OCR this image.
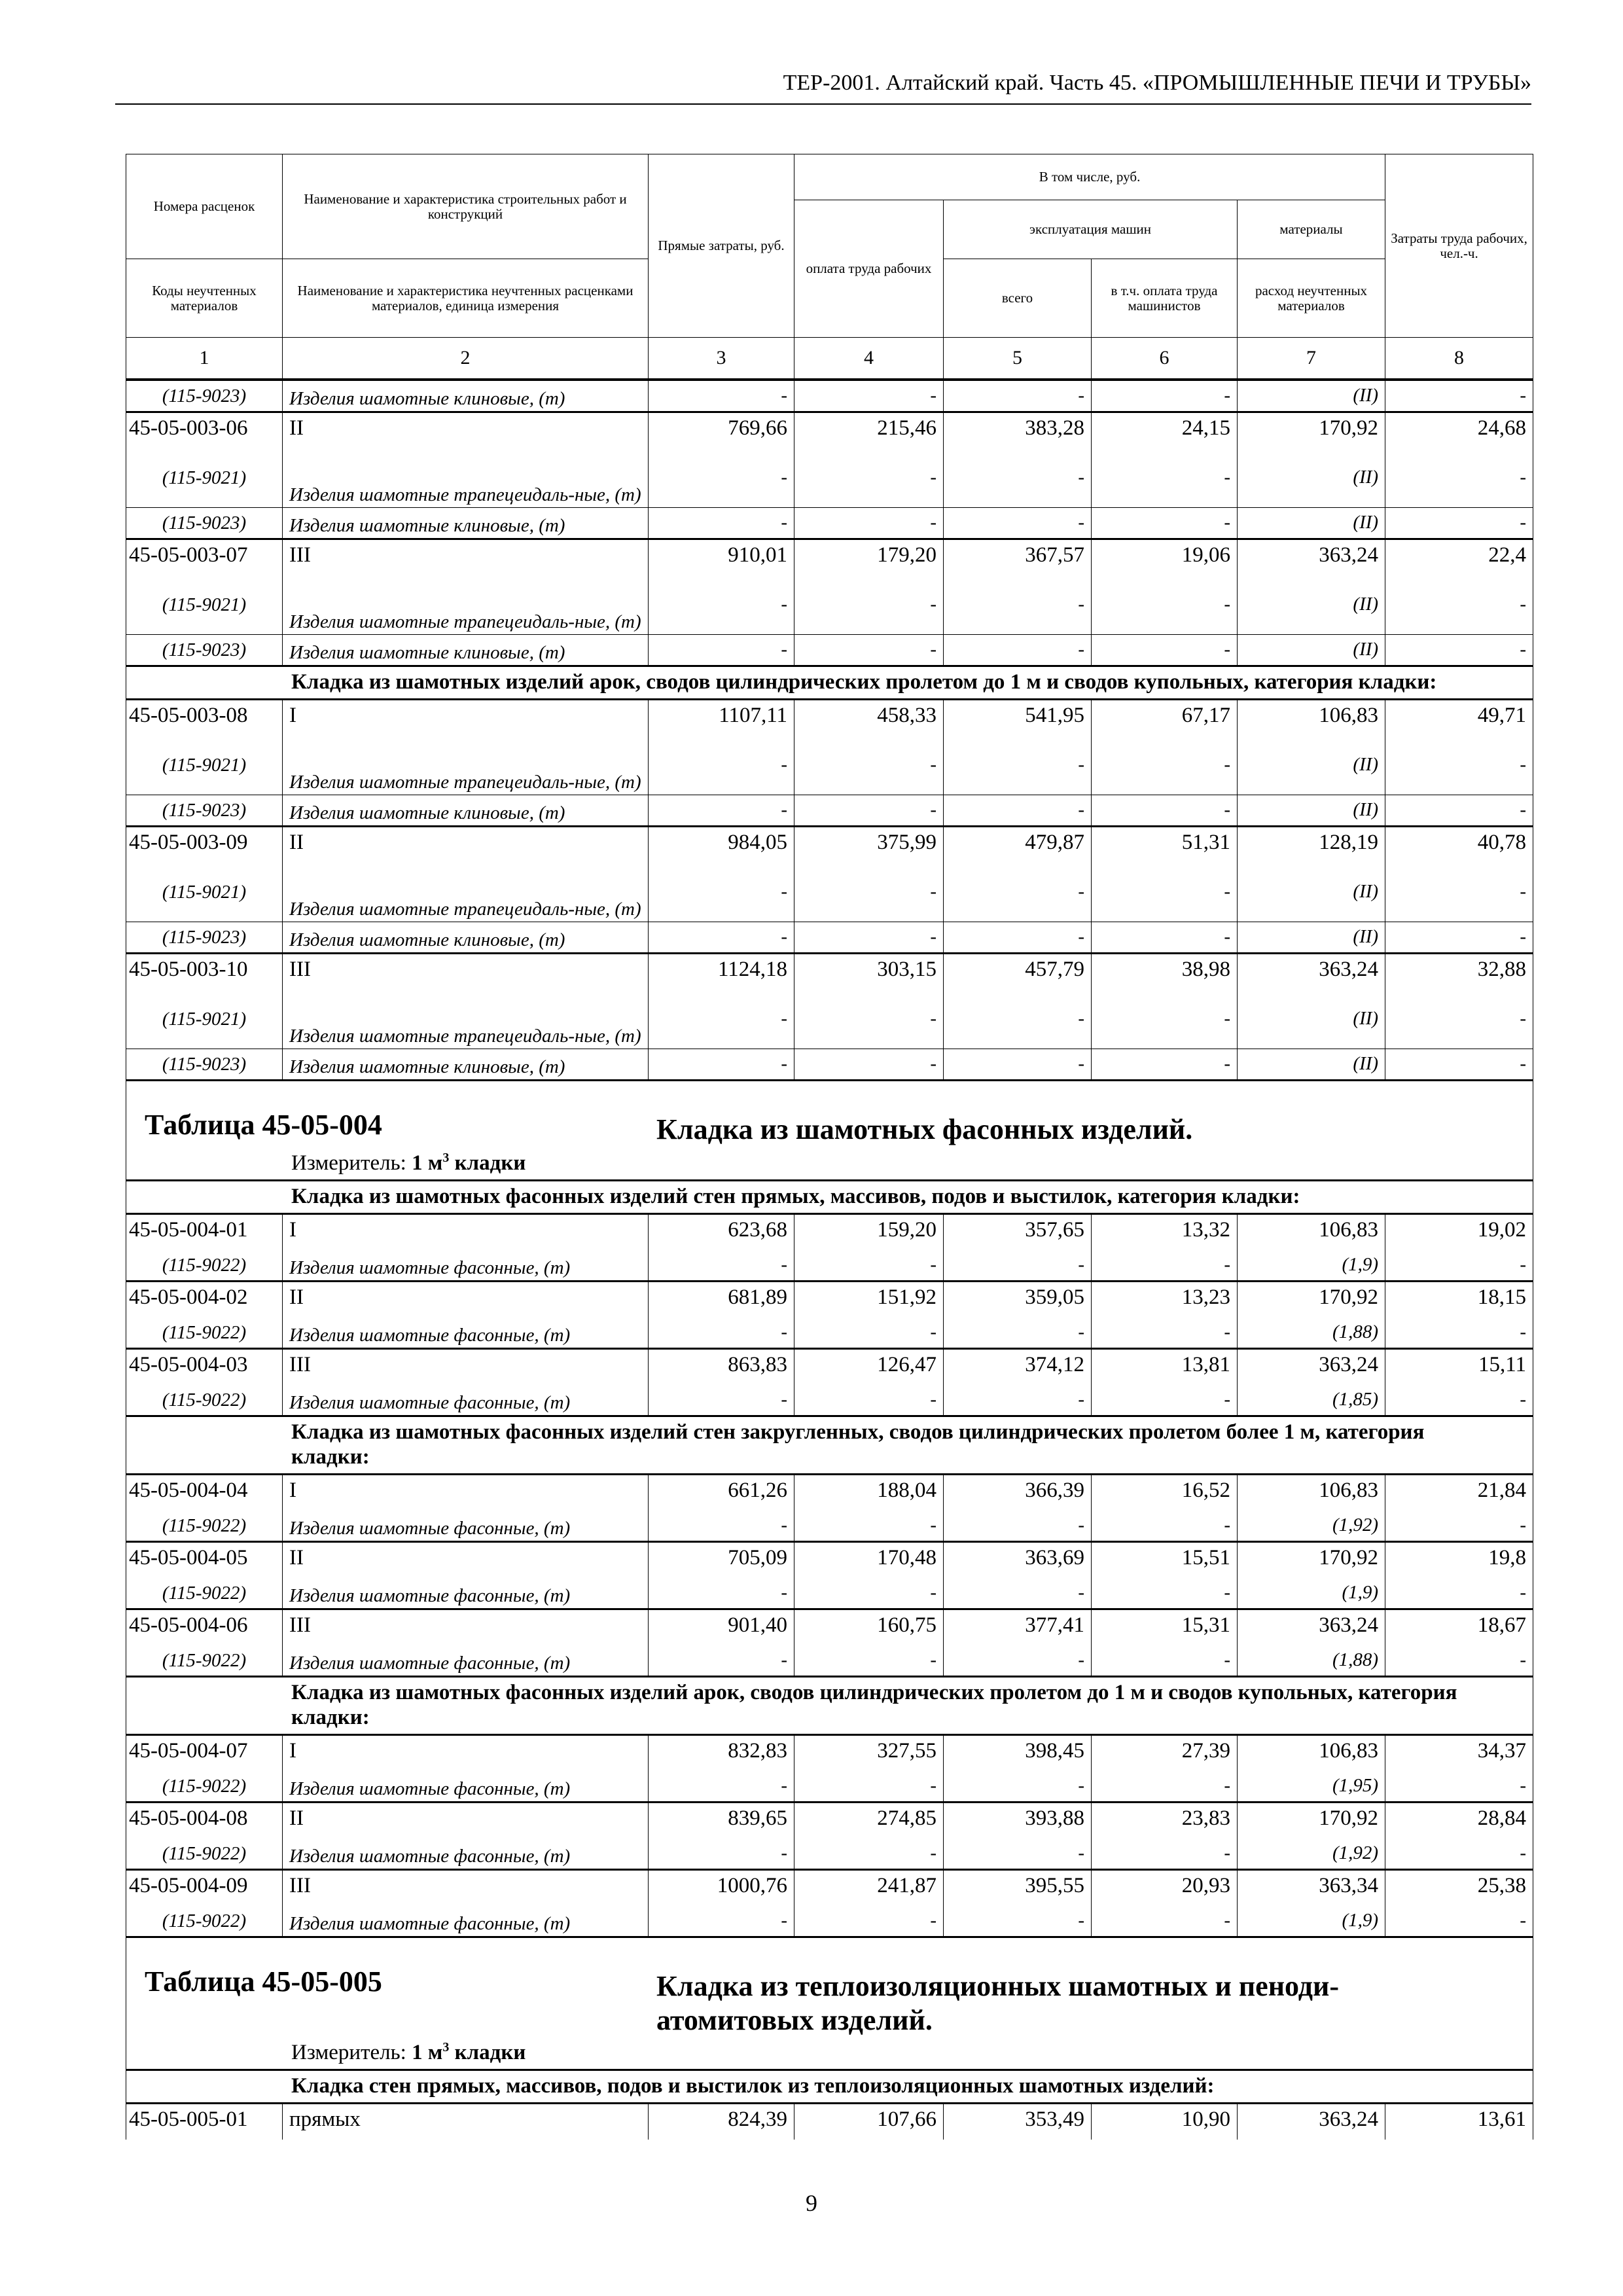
ТЕР-2001. Алтайский край. Часть 45. «ПРОМЫШЛЕННЫЕ ПЕЧИ И ТРУБЫ»
Номера расценок	Наименование и характеристика строительных работ и конструкций	Прямые затраты, руб.	В том числе, руб.				Затраты труда рабочих, чел.-ч.
			оплата труда рабочих	эксплуатация машин		материалы	
Коды неучтенных материалов	Наименование и характеристика неучтенных расценками материалов, единица измерения			всего	в т.ч. оплата труда машинистов	расход неучтенных материалов	
1	2	3	4	5	6	7	8
(115-9023)	Изделия шамотные клиновые, (т)	-	-	-	-	(II)	-
45-05-003-06	II	769,66	215,46	383,28	24,15	170,92	24,68
(115-9021)	Изделия шамотные трапецеидаль-ные, (т)	-	-	-	-	(II)	-
(115-9023)	Изделия шамотные клиновые, (т)	-	-	-	-	(II)	-
45-05-003-07	III	910,01	179,20	367,57	19,06	363,24	22,4
(115-9021)	Изделия шамотные трапецеидаль-ные, (т)	-	-	-	-	(II)	-
(115-9023)	Изделия шамотные клиновые, (т)	-	-	-	-	(II)	-
Кладка из шамотных изделий арок, сводов цилиндрических пролетом до 1 м и сводов купольных, категория кладки:							
45-05-003-08	I	1107,11	458,33	541,95	67,17	106,83	49,71
(115-9021)	Изделия шамотные трапецеидаль-ные, (т)	-	-	-	-	(II)	-
(115-9023)	Изделия шамотные клиновые, (т)	-	-	-	-	(II)	-
45-05-003-09	II	984,05	375,99	479,87	51,31	128,19	40,78
(115-9021)	Изделия шамотные трапецеидаль-ные, (т)	-	-	-	-	(II)	-
(115-9023)	Изделия шамотные клиновые, (т)	-	-	-	-	(II)	-
45-05-003-10	III	1124,18	303,15	457,79	38,98	363,24	32,88
(115-9021)	Изделия шамотные трапецеидаль-ные, (т)	-	-	-	-	(II)	-
(115-9023)	Изделия шамотные клиновые, (т)	-	-	-	-	(II)	-

Таблица 45-05-004 Кладка из шамотных фасонных изделий.
Измеритель: 1 $м^3$ кладки							

Кладка из шамотных фасонных изделий стен прямых, массивов, подов и выстилок, категория кладки:							
45-05-004-01	I	623,68	159,20	357,65	13,32	106,83	19,02
(115-9022)	Изделия шамотные фасонные, (т)	-	-	-	-	(1,9)	-
45-05-004-02	II	681,89	151,92	359,05	13,23	170,92	18,15
(115-9022)	Изделия шамотные фасонные, (т)	-	-	-	-	(1,88)	-
45-05-004-03	III	863,83	126,47	374,12	13,81	363,24	15,11
(115-9022)	Изделия шамотные фасонные, (т)	-	-	-	-	(1,85)	-
Кладка из шамотных фасонных изделий стен закругленных, сводов цилиндрических пролетом более 1 м, категория кладки:							
45-05-004-04	I	661,26	188,04	366,39	16,52	106,83	21,84
(115-9022)	Изделия шамотные фасонные, (т)	-	-	-	-	(1,92)	-
45-05-004-05	II	705,09	170,48	363,69	15,51	170,92	19,8
(115-9022)	Изделия шамотные фасонные, (т)	-	-	-	-	(1,9)	-
45-05-004-06	III	901,40	160,75	377,41	15,31	363,24	18,67
(115-9022)	Изделия шамотные фасонные, (т)	-	-	-	-	(1,88)	-
Кладка из шамотных фасонных изделий арок, сводов цилиндрических пролетом до 1 м и сводов купольных, категория кладки:							
45-05-004-07	I	832,83	327,55	398,45	27,39	106,83	34,37
(115-9022)	Изделия шамотные фасонные, (т)	-	-	-	-	(1,95)	-
45-05-004-08	II	839,65	274,85	393,88	23,83	170,92	28,84
(115-9022)	Изделия шамотные фасонные, (т)	-	-	-	-	(1,92)	-
45-05-004-09	III	1000,76	241,87	395,55	20,93	363,34	25,38
(115-9022)	Изделия шамотные фасонные, (т)	-	-	-	-	(1,9)	-

Таблица 45-05-005 Кладка из теплоизоляционных шамотных и пеноди-атомитовых изделий.
Измеритель: 1 $м^3$ кладки							

Кладка стен прямых, массивов, подов и выстилок из теплоизоляционных шамотных изделий:							
45-05-005-01	прямых	824,39	107,66	353,49	10,90	363,24	13,61
9
